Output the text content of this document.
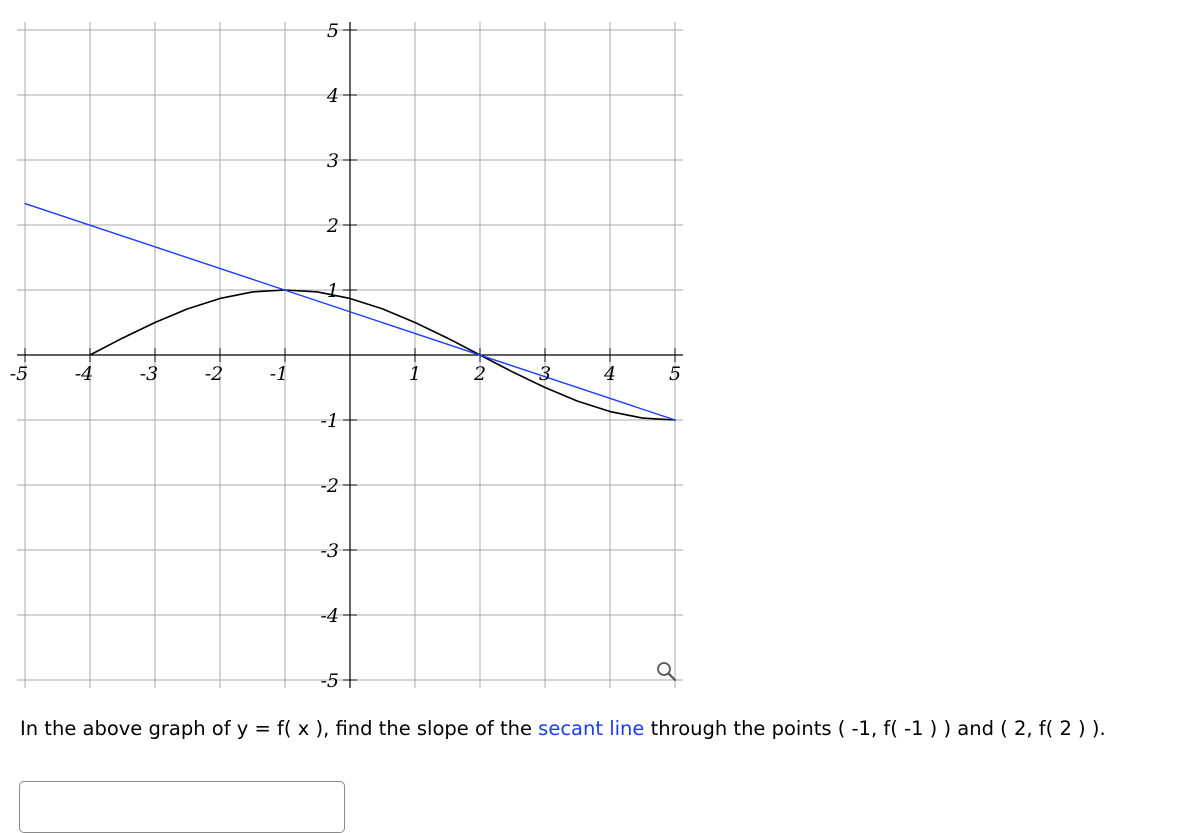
-5 -4 -3 -2 -1	1	2	3	4	5
5
4
3
2
1
-1
-2
-3
-4
-5

In the above graph of y = f( x ), find the slope of the secant line through the points ( -1, f( -1 ) ) and ( 2, f( 2 ) ).
